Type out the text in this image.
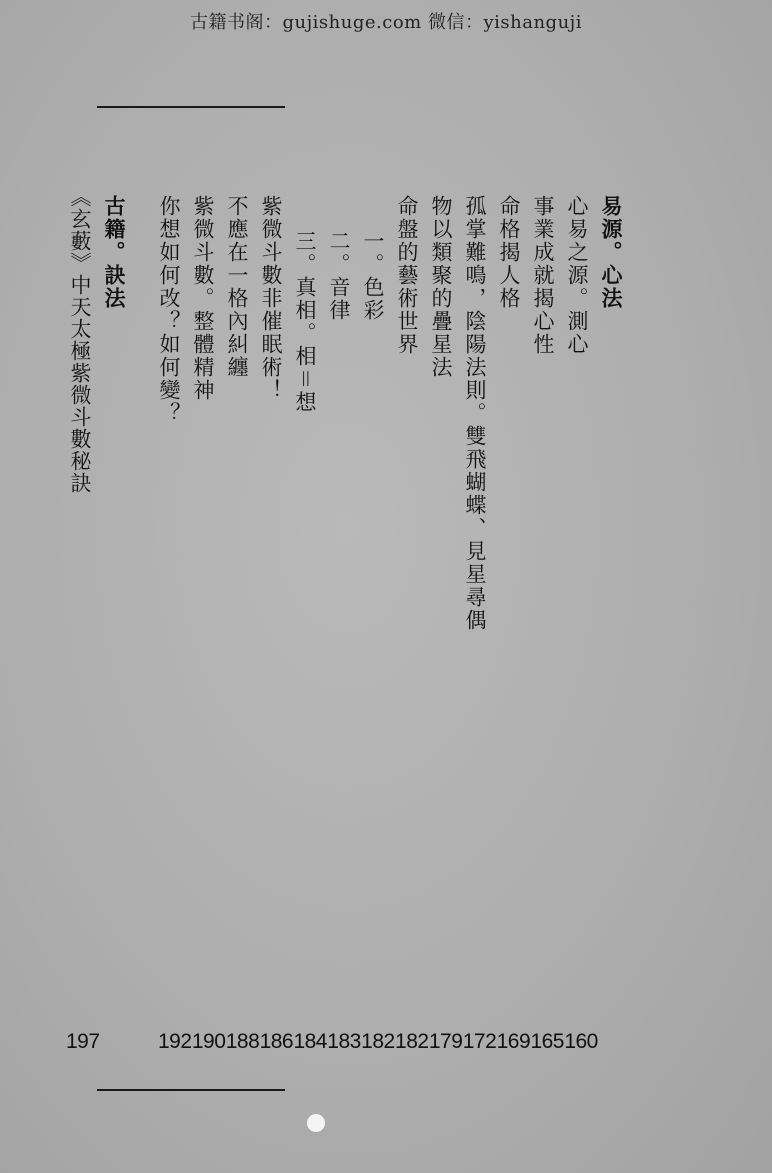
古籍书阁：gujishuge.com 微信：yishanguji
易源。心法
心易之源。測心
事業成就揭心性
命格揭人格
孤掌難鳴，陰陽法則。雙飛蝴蝶、見星尋偶
物以類聚的疊星法
命盤的藝術世界
一。色彩
二。音律
三。真相。相＝想
紫微斗數非催眠術！
不應在一格內糾纏
紫微斗數。整體精神
你想如何改？如何變？
古籍。訣法
《玄藪》中天太極紫微斗數秘訣
197	192 190 188 186 184 183 182 182 179 172 169 165 160
